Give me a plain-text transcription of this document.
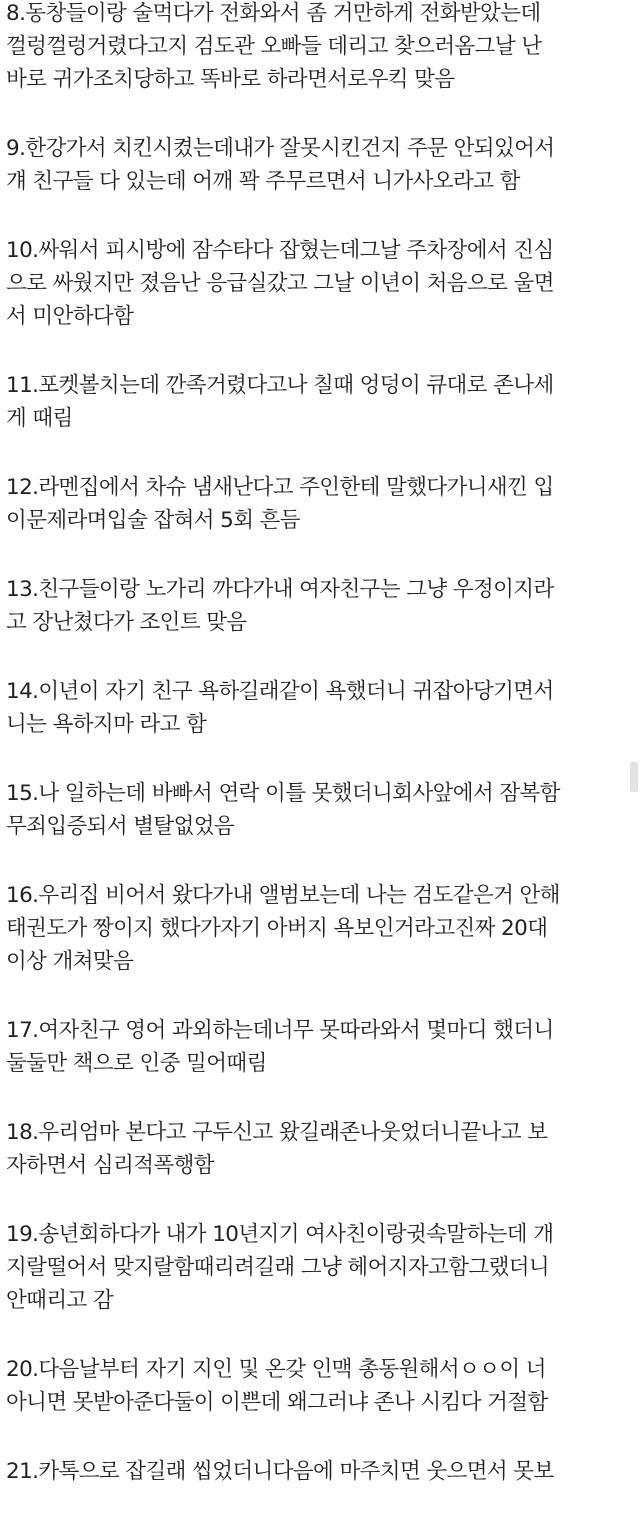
8.동창들이랑 술먹다가 전화와서 좀 거만하게 전화받았는데
껄렁껄렁거렸다고지 검도관 오빠들 데리고 찾으러옴그날 난
바로 귀가조치당하고 똑바로 하라면서로우킥 맞음
9.한강가서 치킨시켰는데내가 잘못시킨건지 주문 안되있어서
걔 친구들 다 있는데 어깨 꽉 주무르면서 니가사오라고 함
10.싸워서 피시방에 잠수타다 잡혔는데그날 주차장에서 진심
으로 싸웠지만 졌음난 응급실갔고 그날 이년이 처음으로 울면
서 미안하다함
11.포켓볼치는데 깐족거렸다고나 칠때 엉덩이 큐대로 존나세
게 때림
12.라멘집에서 차슈 냄새난다고 주인한테 말했다가니새낀 입
이문제라며입술 잡혀서 5회 흔듬
13.친구들이랑 노가리 까다가내 여자친구는 그냥 우정이지라
고 장난쳤다가 조인트 맞음
14.이년이 자기 친구 욕하길래같이 욕했더니 귀잡아당기면서
니는 욕하지마 라고 함
15.나 일하는데 바빠서 연락 이틀 못했더니회사앞에서 잠복함
무죄입증되서 별탈없었음
16.우리집 비어서 왔다가내 앨범보는데 나는 검도같은거 안해
태권도가 짱이지 했다가자기 아버지 욕보인거라고진짜 20대
이상 개쳐맞음
17.여자친구 영어 과외하는데너무 못따라와서 몇마디 했더니
둘둘만 책으로 인중 밀어때림
18.우리엄마 본다고 구두신고 왔길래존나웃었더니끝나고 보
자하면서 심리적폭행함
19.송년회하다가 내가 10년지기 여사친이랑귓속말하는데 개
지랄떨어서 맞지랄함때리려길래 그냥 헤어지자고함그랬더니
안때리고 감
20.다음날부터 자기 지인 및 온갖 인맥 총동원해서ㅇㅇ이 너
아니면 못받아준다둘이 이쁜데 왜그러냐 존나 시킴다 거절함
21.카톡으로 잡길래 씹었더니다음에 마주치면 웃으면서 못보
